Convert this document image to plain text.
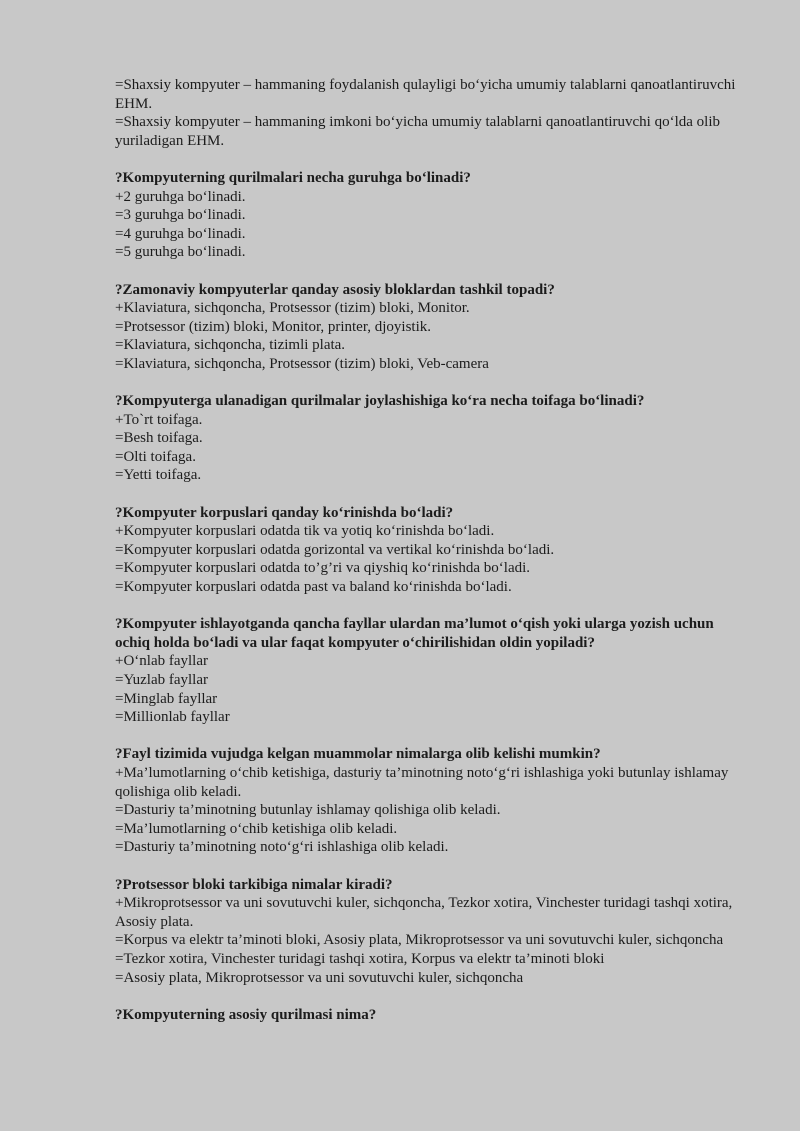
=Shaxsiy kompyuter – hammaning foydalanish qulayligi bo‘yicha umumiy talablarni qanoatlantiruvchi EHM.
=Shaxsiy kompyuter – hammaning imkoni bo‘yicha umumiy talablarni qanoatlantiruvchi qo‘lda olib yuriladigan EHM.
?Kompyuterning qurilmalari necha guruhga bo‘linadi?
+2 guruhga bo‘linadi.
=3 guruhga bo‘linadi.
=4 guruhga bo‘linadi.
=5 guruhga bo‘linadi.
?Zamonaviy kompyuterlar qanday asosiy bloklardan tashkil topadi?
+Klaviatura, sichqoncha, Protsessor (tizim) bloki, Monitor.
=Protsessor (tizim) bloki, Monitor, printer, djoyistik.
=Klaviatura, sichqoncha, tizimli plata.
=Klaviatura, sichqoncha, Protsessor (tizim) bloki, Veb-camera
?Kompyuterga ulanadigan qurilmalar joylashishiga ko‘ra necha toifaga bo‘linadi?
+To`rt toifaga.
=Besh toifaga.
=Olti toifaga.
=Yetti toifaga.
?Kompyuter korpuslari qanday ko‘rinishda bo‘ladi?
+Kompyuter korpuslari odatda tik va yotiq ko‘rinishda bo‘ladi.
=Kompyuter korpuslari odatda gorizontal va vertikal ko‘rinishda bo‘ladi.
=Kompyuter korpuslari odatda to’g’ri va qiyshiq ko‘rinishda bo‘ladi.
=Kompyuter korpuslari odatda past va baland ko‘rinishda bo‘ladi.
?Kompyuter ishlayotganda qancha fayllar ulardan ma’lumot o‘qish yoki ularga yozish uchun ochiq holda bo‘ladi va ular faqat kompyuter o‘chirilishidan oldin yopiladi?
+O‘nlab fayllar
=Yuzlab fayllar
=Minglab fayllar
=Millionlab fayllar
?Fayl tizimida vujudga kelgan muammolar nimalarga olib kelishi mumkin?
+Ma’lumotlarning o‘chib ketishiga, dasturiy ta’minotning noto‘g‘ri ishlashiga yoki butunlay ishlamay qolishiga olib keladi.
=Dasturiy ta’minotning butunlay ishlamay qolishiga olib keladi.
=Ma’lumotlarning o‘chib ketishiga olib keladi.
=Dasturiy ta’minotning noto‘g‘ri ishlashiga olib keladi.
?Protsessor bloki tarkibiga nimalar kiradi?
+Mikroprotsessor va uni sovutuvchi kuler, sichqoncha, Tezkor xotira, Vinchester turidagi tashqi xotira, Asosiy plata.
=Korpus va elektr ta’minoti bloki, Asosiy plata, Mikroprotsessor va uni sovutuvchi kuler, sichqoncha
=Tezkor xotira, Vinchester turidagi tashqi xotira, Korpus va elektr ta’minoti bloki
=Asosiy plata, Mikroprotsessor va uni sovutuvchi kuler, sichqoncha
?Kompyuterning asosiy qurilmasi nima?
